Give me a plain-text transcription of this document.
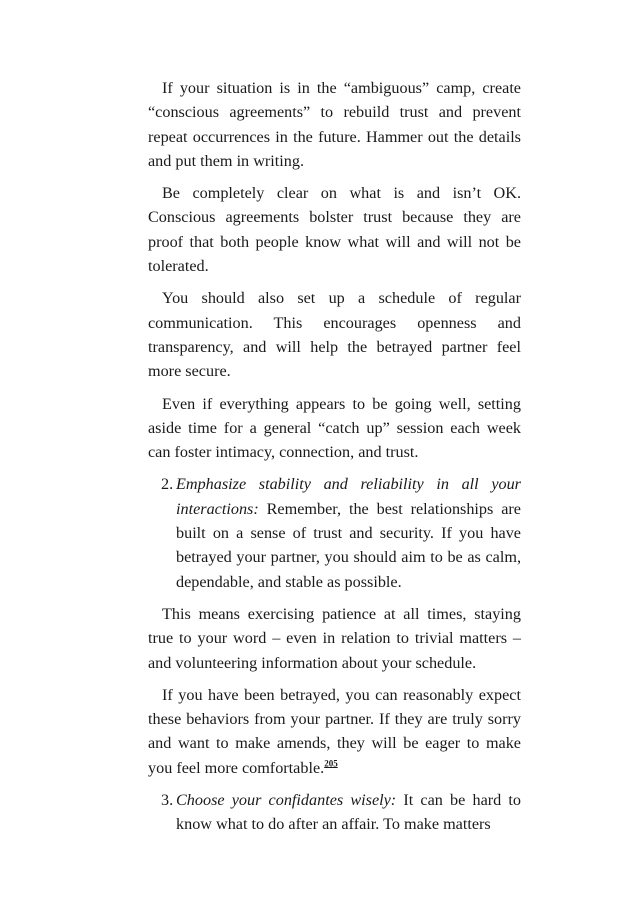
If your situation is in the “ambiguous” camp, create “conscious agreements” to rebuild trust and prevent repeat occurrences in the future. Hammer out the details and put them in writing.

Be completely clear on what is and isn’t OK. Conscious agreements bolster trust because they are proof that both people know what will and will not be tolerated.

You should also set up a schedule of regular communication. This encourages openness and transparency, and will help the betrayed partner feel more secure.

Even if everything appears to be going well, setting aside time for a general “catch up” session each week can foster intimacy, connection, and trust.

2. Emphasize stability and reliability in all your interactions: Remember, the best relationships are built on a sense of trust and security. If you have betrayed your partner, you should aim to be as calm, dependable, and stable as possible.

This means exercising patience at all times, staying true to your word – even in relation to trivial matters – and volunteering information about your schedule.

If you have been betrayed, you can reasonably expect these behaviors from your partner. If they are truly sorry and want to make amends, they will be eager to make you feel more comfortable.$^{205}$

3. Choose your confidantes wisely: It can be hard to know what to do after an affair. To make matters
